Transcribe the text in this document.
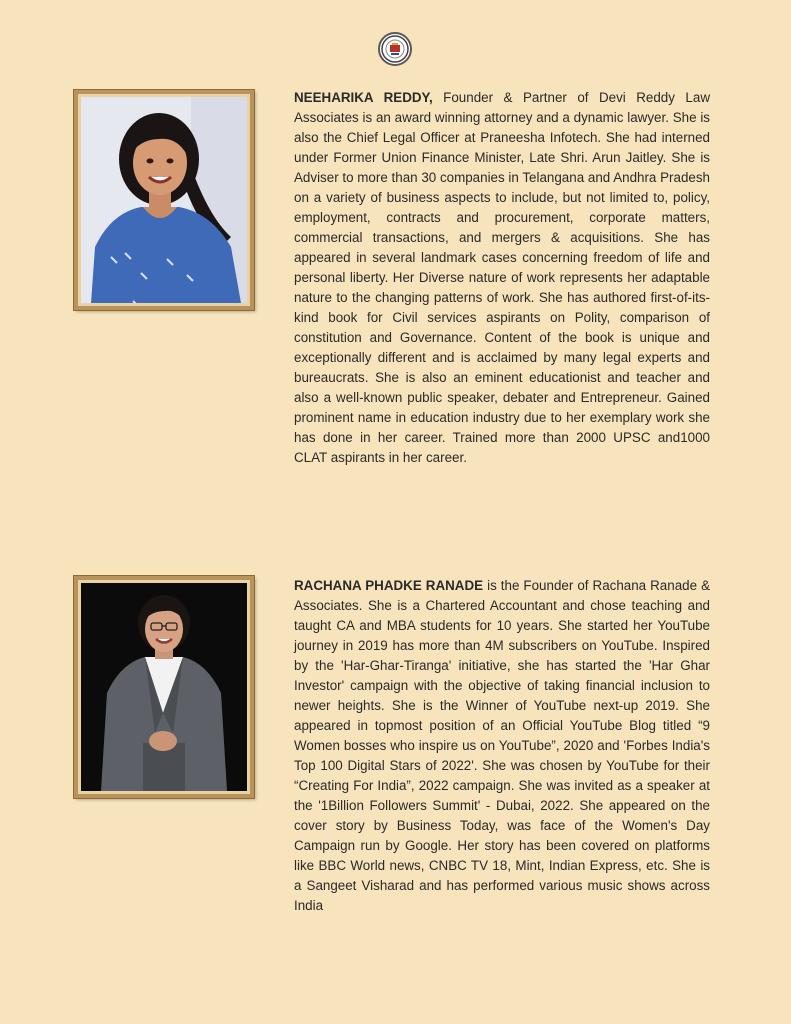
NEEHARIKA REDDY, Founder & Partner of Devi Reddy Law Associates is an award winning attorney and a dynamic lawyer. She is also the Chief Legal Officer at Praneesha Infotech. She had interned under Former Union Finance Minister, Late Shri. Arun Jaitley. She is Adviser to more than 30 companies in Telangana and Andhra Pradesh on a variety of business aspects to include, but not limited to, policy, employment, contracts and procurement, corporate matters, commercial transactions, and mergers & acquisitions. She has appeared in several landmark cases concerning freedom of life and personal liberty. Her Diverse nature of work represents her adaptable nature to the changing patterns of work. She has authored first-of-its-kind book for Civil services aspirants on Polity, comparison of constitution and Governance. Content of the book is unique and exceptionally different and is acclaimed by many legal experts and bureaucrats. She is also an eminent educationist and teacher and also a well-known public speaker, debater and Entrepreneur. Gained prominent name in education industry due to her exemplary work she has done in her career. Trained more than 2000 UPSC and1000 CLAT aspirants in her career.

RACHANA PHADKE RANADE is the Founder of Rachana Ranade & Associates. She is a Chartered Accountant and chose teaching and taught CA and MBA students for 10 years. She started her YouTube journey in 2019 has more than 4M subscribers on YouTube. Inspired by the 'Har-Ghar-Tiranga' initiative, she has started the 'Har Ghar Investor' campaign with the objective of taking financial inclusion to newer heights. She is the Winner of YouTube next-up 2019. She appeared in topmost position of an Official YouTube Blog titled “9 Women bosses who inspire us on YouTube”, 2020 and 'Forbes India's Top 100 Digital Stars of 2022'. She was chosen by YouTube for their “Creating For India”, 2022 campaign. She was invited as a speaker at the '1Billion Followers Summit' - Dubai, 2022. She appeared on the cover story by Business Today, was face of the Women's Day Campaign run by Google. Her story has been covered on platforms like BBC World news, CNBC TV 18, Mint, Indian Express, etc. She is a Sangeet Visharad and has performed various music shows across India
